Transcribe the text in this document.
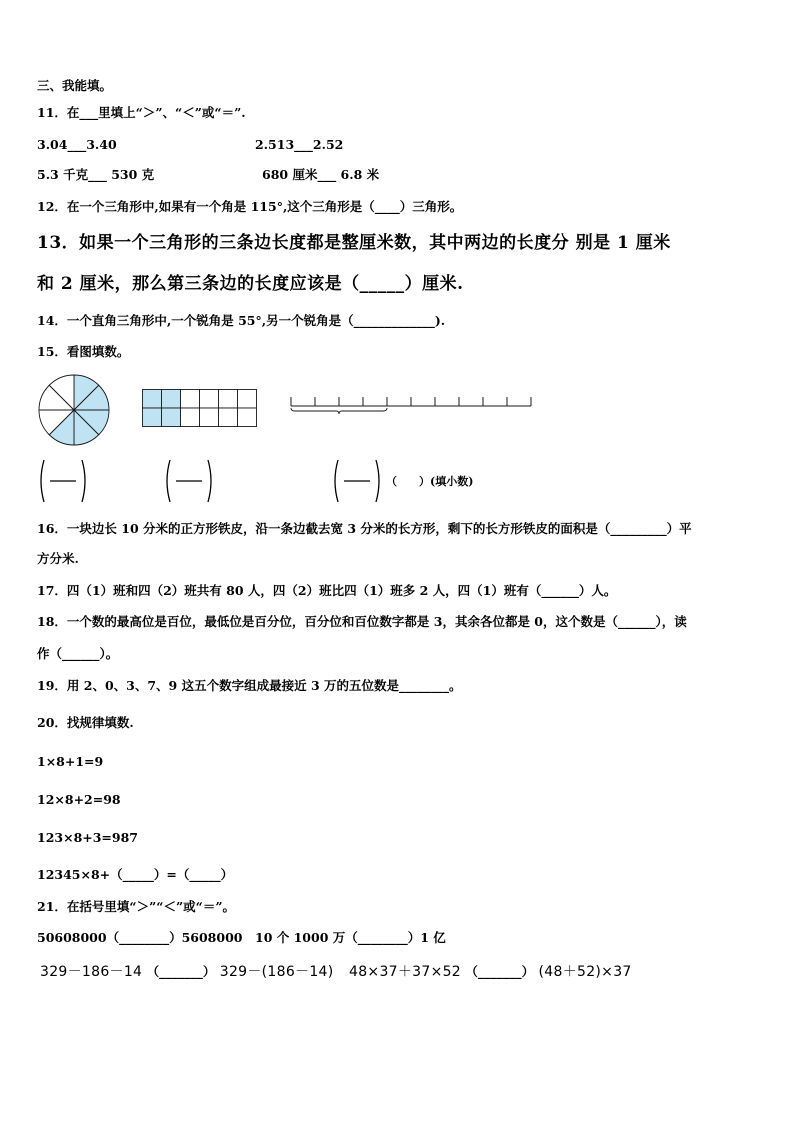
三、我能填。
11．在___里填上“＞”、“＜”或“＝”.
3.04___3.40	2.513___2.52
5.3 千克___ 530 克	680 厘米___ 6.8 米
12．在一个三角形中,如果有一个角是 115°,这个三角形是（____）三角形。
13．如果一个三角形的三条边长度都是整厘米数，其中两边的长度分 别是 1 厘米
和 2 厘米，那么第三条边的长度应该是（_____）厘米.
14．一个直角三角形中,一个锐角是 55°,另一个锐角是（_____________).
15．看图填数。
（　　）(填小数)
16．一块边长 10 分米的正方形铁皮，沿一条边截去宽 3 分米的长方形，剩下的长方形铁皮的面积是（_________）平
方分米.
17．四（1）班和四（2）班共有 80 人，四（2）班比四（1）班多 2 人，四（1）班有（______）人。
18．一个数的最高位是百位，最低位是百分位，百分位和百位数字都是 3，其余各位都是 0，这个数是（______），读
作（______）。
19．用 2、0、3、7、9 这五个数字组成最接近 3 万的五位数是________。
20．找规律填数.
1×8+1=9
12×8+2=98
123×8+3=987
12345×8+（_____）=（_____）
21．在括号里填“＞”“＜”或“＝”。
50608000（________）5608000 10 个 1000 万（________）1 亿
329－186－14 （_______） 329－(186－14) 48×37＋37×52 （_______） (48＋52)×37
